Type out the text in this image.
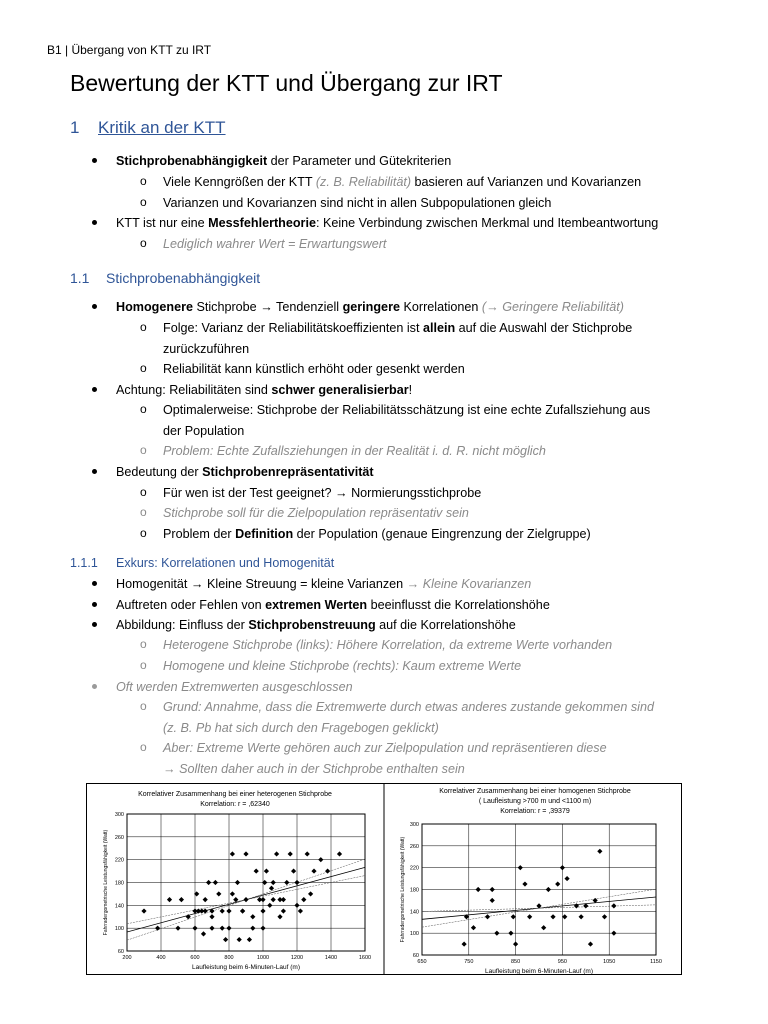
B1 | Übergang von KTT zu IRT
Bewertung der KTT und Übergang zur IRT
1 Kritik an der KTT
Stichprobenabhängigkeit der Parameter und Gütekriterien
o Viele Kenngrößen der KTT (z. B. Reliabilität) basieren auf Varianzen und Kovarianzen
o Varianzen und Kovarianzen sind nicht in allen Subpopulationen gleich
KTT ist nur eine Messfehlertheorie: Keine Verbindung zwischen Merkmal und Itembeantwortung
o Lediglich wahrer Wert = Erwartungswert
1.1 Stichprobenabhängigkeit
Homogenere Stichprobe → Tendenziell geringere Korrelationen (→ Geringere Reliabilität)
o Folge: Varianz der Reliabilitätskoeffizienten ist allein auf die Auswahl der Stichprobe
zurückzuführen
o Reliabilität kann künstlich erhöht oder gesenkt werden
Achtung: Reliabilitäten sind schwer generalisierbar!
o Optimalerweise: Stichprobe der Reliabilitätsschätzung ist eine echte Zufallsziehung aus
der Population
o Problem: Echte Zufallsziehungen in der Realität i. d. R. nicht möglich
Bedeutung der Stichprobenrepräsentativität
o Für wen ist der Test geeignet? → Normierungsstichprobe
o Stichprobe soll für die Zielpopulation repräsentativ sein
o Problem der Definition der Population (genaue Eingrenzung der Zielgruppe)
1.1.1 Exkurs: Korrelationen und Homogenität
Homogenität → Kleine Streuung = kleine Varianzen → Kleine Kovarianzen
Auftreten oder Fehlen von extremen Werten beeinflusst die Korrelationshöhe
Abbildung: Einfluss der Stichprobenstreuung auf die Korrelationshöhe
o Heterogene Stichprobe (links): Höhere Korrelation, da extreme Werte vorhanden
o Homogene und kleine Stichprobe (rechts): Kaum extreme Werte
Oft werden Extremwerten ausgeschlossen
o Grund: Annahme, dass die Extremwerte durch etwas anderes zustande gekommen sind
(z. B. Pb hat sich durch den Fragebogen geklickt)
o Aber: Extreme Werte gehören auch zur Zielpopulation und repräsentieren diese
→ Sollten daher auch in der Stichprobe enthalten sein
Korrelativer Zusammenhang bei einer heterogenen Stichprobe
Korrelation: r = ,62340
60
100
140
180
220
260
300
200	400	600	800	1000	1200	1400	1600
Laufleistung beim 6-Minuten-Lauf (m)
Fahrradergometrische Leistungsfähigkeit (Watt)
Korrelativer Zusammenhang bei einer homogenen Stichprobe
( Laufleistung >700 m und <1100 m)
Korrelation: r = ,39379
60
100
140
180
220
260
300
650	750	850	950	1050	1150
Laufleistung beim 6-Minuten-Lauf (m)
Fahrradergometrische Leistungsfähigkeit (Watt)
